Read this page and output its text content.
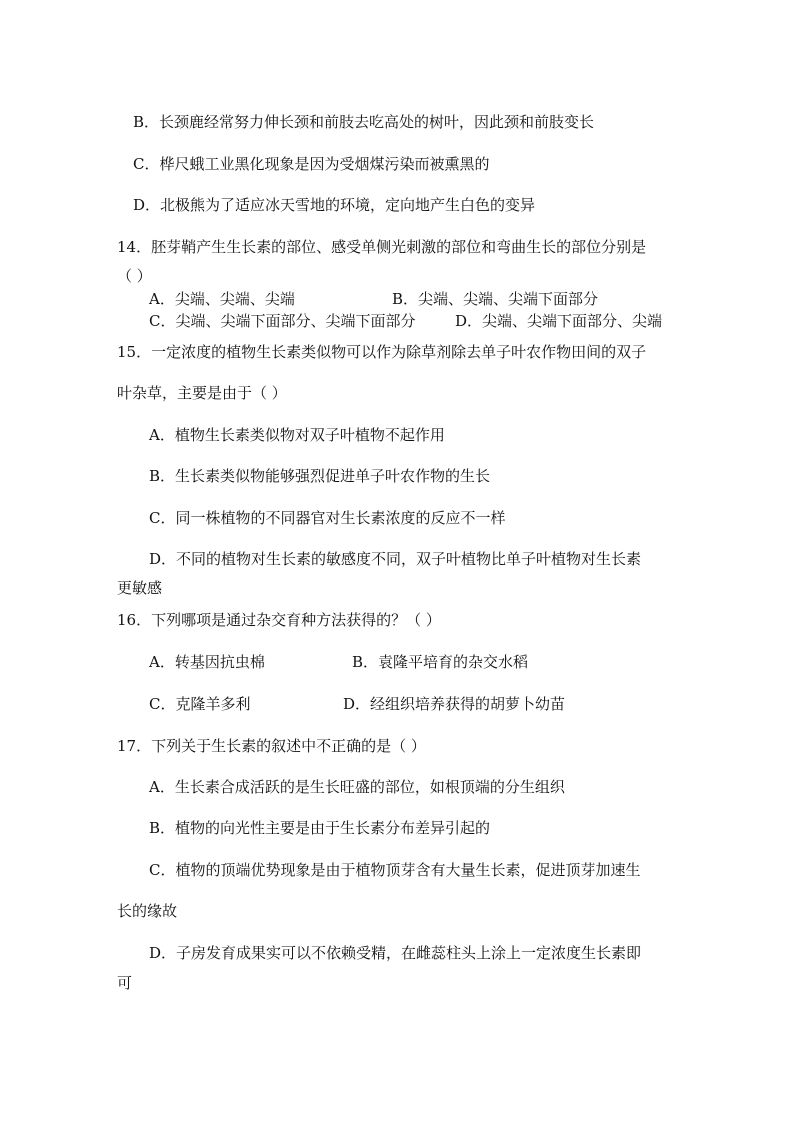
B．长颈鹿经常努力伸长颈和前肢去吃高处的树叶，因此颈和前肢变长
C．桦尺蛾工业黑化现象是因为受烟煤污染而被熏黑的
D．北极熊为了适应冰天雪地的环境，定向地产生白色的变异
14．胚芽鞘产生生长素的部位、感受单侧光刺激的部位和弯曲生长的部位分别是
（ ）
A．尖端、尖端、尖端	B．尖端、尖端、尖端下面部分
C．尖端、尖端下面部分、尖端下面部分	D．尖端、尖端下面部分、尖端
15．一定浓度的植物生长素类似物可以作为除草剂除去单子叶农作物田间的双子
叶杂草，主要是由于（ ）
A．植物生长素类似物对双子叶植物不起作用
B．生长素类似物能够强烈促进单子叶农作物的生长
C．同一株植物的不同器官对生长素浓度的反应不一样
D．不同的植物对生长素的敏感度不同，双子叶植物比单子叶植物对生长素
更敏感
16．下列哪项是通过杂交育种方法获得的？（ ）
A．转基因抗虫棉	B．袁隆平培育的杂交水稻
C．克隆羊多利	D．经组织培养获得的胡萝卜幼苗
17．下列关于生长素的叙述中不正确的是（ ）
A．生长素合成活跃的是生长旺盛的部位，如根顶端的分生组织
B．植物的向光性主要是由于生长素分布差异引起的
C．植物的顶端优势现象是由于植物顶芽含有大量生长素，促进顶芽加速生
长的缘故
D．子房发育成果实可以不依赖受精，在雌蕊柱头上涂上一定浓度生长素即
可
